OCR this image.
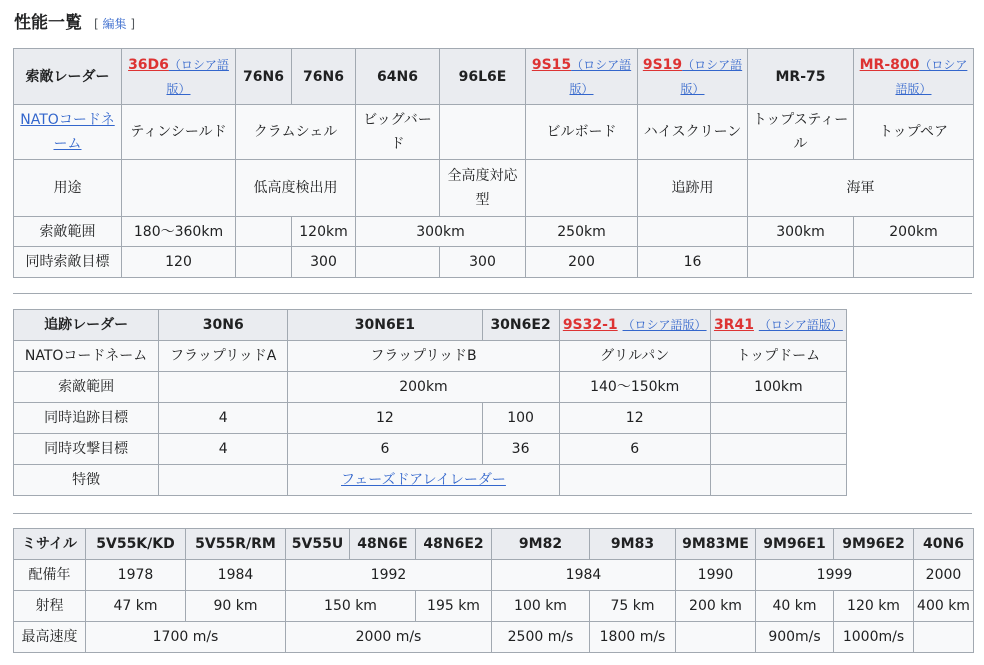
性能一覧 [ 編集 ]
索敵レーダー	36D6（ロシア語版）	76N6	76N6	64N6	96L6E	9S15（ロシア語版）	9S19（ロシア語版）	MR-75	MR-800（ロシア語版）
NATOコードネーム	ティンシールド	クラムシェル		ビッグバード		ビルボード	ハイスクリーン	トップスティール	トップペア
用途		低高度検出用			全高度対応型		追跡用	海軍	
索敵範囲	180〜360km		120km	300km		250km		300km	200km
同時索敵目標	120		300		300	200	16		
追跡レーダー	30N6	30N6E1	30N6E2	9S32-1 （ロシア語版）	3R41 （ロシア語版）
NATOコードネーム	フラップリッドA	フラップリッドB		グリルパン	トップドーム
索敵範囲		200km		140〜150km	100km
同時追跡目標	4	12	100	12	
同時攻撃目標	4	6	36	6	
特徴		フェーズドアレイレーダー			
ミサイル	5V55K/KD	5V55R/RM	5V55U	48N6E	48N6E2	9M82	9M83	9M83ME	9M96E1	9M96E2	40N6
配備年	1978	1984	1992			1984		1990	1999		2000
射程	47 km	90 km	150 km		195 km	100 km	75 km	200 km	40 km	120 km	400 km
最高速度	1700 m/s		2000 m/s			2500 m/s	1800 m/s		900m/s	1000m/s	
